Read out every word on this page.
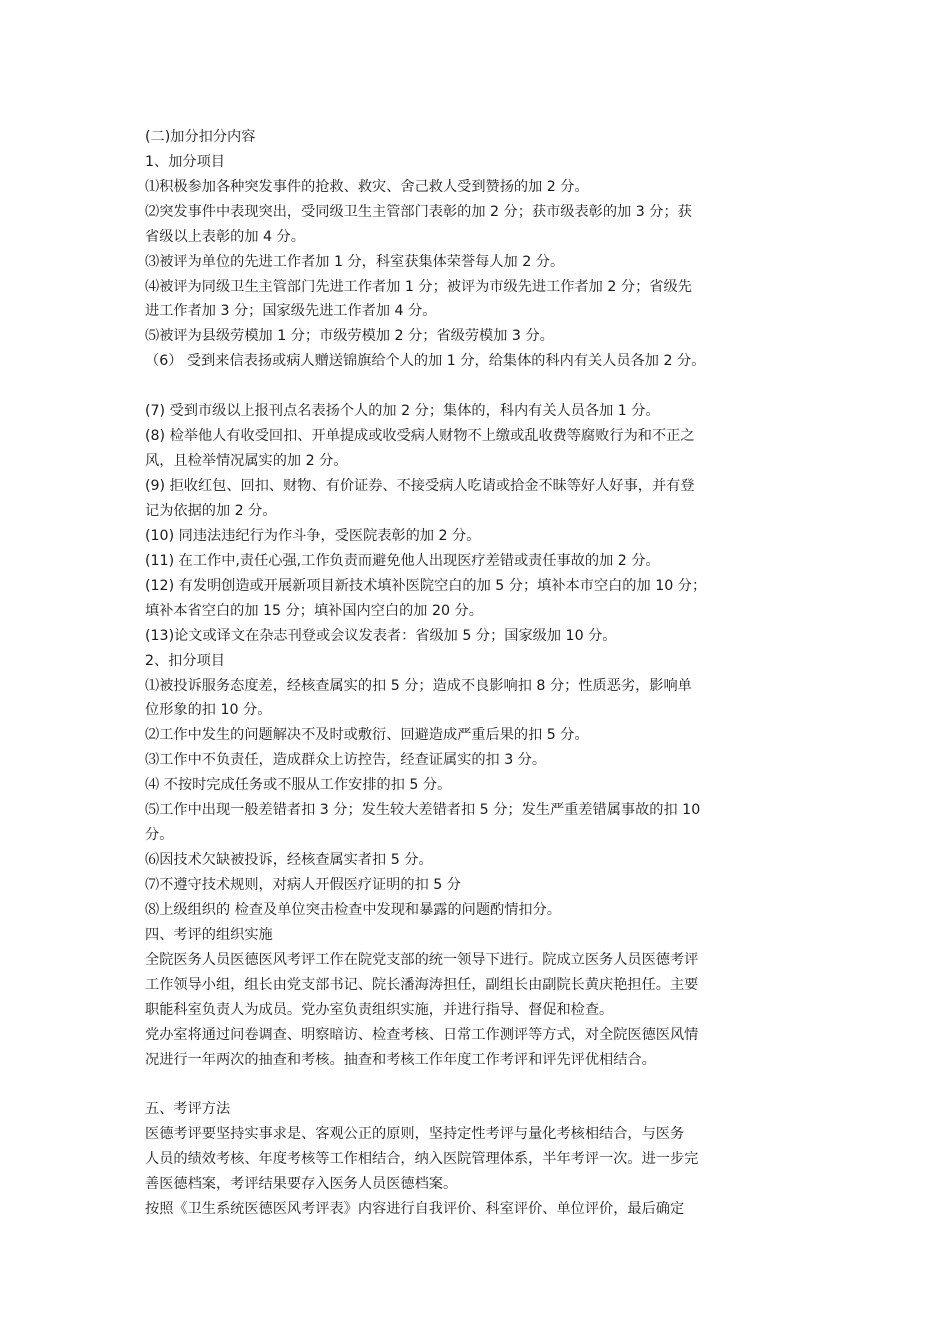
(二)加分扣分内容
1、加分项目
⑴积极参加各种突发事件的抢救、救灾、舍己救人受到赞扬的加 2 分。
⑵突发事件中表现突出，受同级卫生主管部门表彰的加 2 分；获市级表彰的加 3 分；获
省级以上表彰的加 4 分。
⑶被评为单位的先进工作者加 1 分，科室获集体荣誉每人加 2 分。
⑷被评为同级卫生主管部门先进工作者加 1 分；被评为市级先进工作者加 2 分；省级先
进工作者加 3 分；国家级先进工作者加 4 分。
⑸被评为县级劳模加 1 分；市级劳模加 2 分；省级劳模加 3 分。
（6） 受到来信表扬或病人赠送锦旗给个人的加 1 分，给集体的科内有关人员各加 2 分。
(7) 受到市级以上报刊点名表扬个人的加 2 分；集体的，科内有关人员各加 1 分。
(8) 检举他人有收受回扣、开单提成或收受病人财物不上缴或乱收费等腐败行为和不正之
风，且检举情况属实的加 2 分。
(9) 拒收红包、回扣、财物、有价证券、不接受病人吃请或拾金不昧等好人好事，并有登
记为依据的加 2 分。
(10) 同违法违纪行为作斗争，受医院表彰的加 2 分。
(11) 在工作中,责任心强,工作负责而避免他人出现医疗差错或责任事故的加 2 分。
(12) 有发明创造或开展新项目新技术填补医院空白的加 5 分；填补本市空白的加 10 分；
填补本省空白的加 15 分；填补国内空白的加 20 分。
(13)论文或译文在杂志刊登或会议发表者：省级加 5 分；国家级加 10 分。
2、扣分项目
⑴被投诉服务态度差，经核查属实的扣 5 分；造成不良影响扣 8 分；性质恶劣，影响单
位形象的扣 10 分。
⑵工作中发生的问题解决不及时或敷衍、回避造成严重后果的扣 5 分。
⑶工作中不负责任，造成群众上访控告，经查证属实的扣 3 分。
⑷ 不按时完成任务或不服从工作安排的扣 5 分。
⑸工作中出现一般差错者扣 3 分；发生较大差错者扣 5 分；发生严重差错属事故的扣 10
分。
⑹因技术欠缺被投诉，经核查属实者扣 5 分。
⑺不遵守技术规则，对病人开假医疗证明的扣 5 分
⑻上级组织的 检查及单位突击检查中发现和暴露的问题酌情扣分。
四、考评的组织实施
全院医务人员医德医风考评工作在院党支部的统一领导下进行。院成立医务人员医德考评
工作领导小组，组长由党支部书记、院长潘海涛担任，副组长由副院长黄庆艳担任。主要
职能科室负责人为成员。党办室负责组织实施，并进行指导、督促和检查。
党办室将通过问卷调查、明察暗访、检查考核、日常工作测评等方式，对全院医德医风情
况进行一年两次的抽查和考核。抽查和考核工作年度工作考评和评先评优相结合。
五、考评方法
医德考评要坚持实事求是、客观公正的原则，坚持定性考评与量化考核相结合，与医务
人员的绩效考核、年度考核等工作相结合，纳入医院管理体系，半年考评一次。进一步完
善医德档案，考评结果要存入医务人员医德档案。
按照《卫生系统医德医风考评表》内容进行自我评价、科室评价、单位评价，最后确定
